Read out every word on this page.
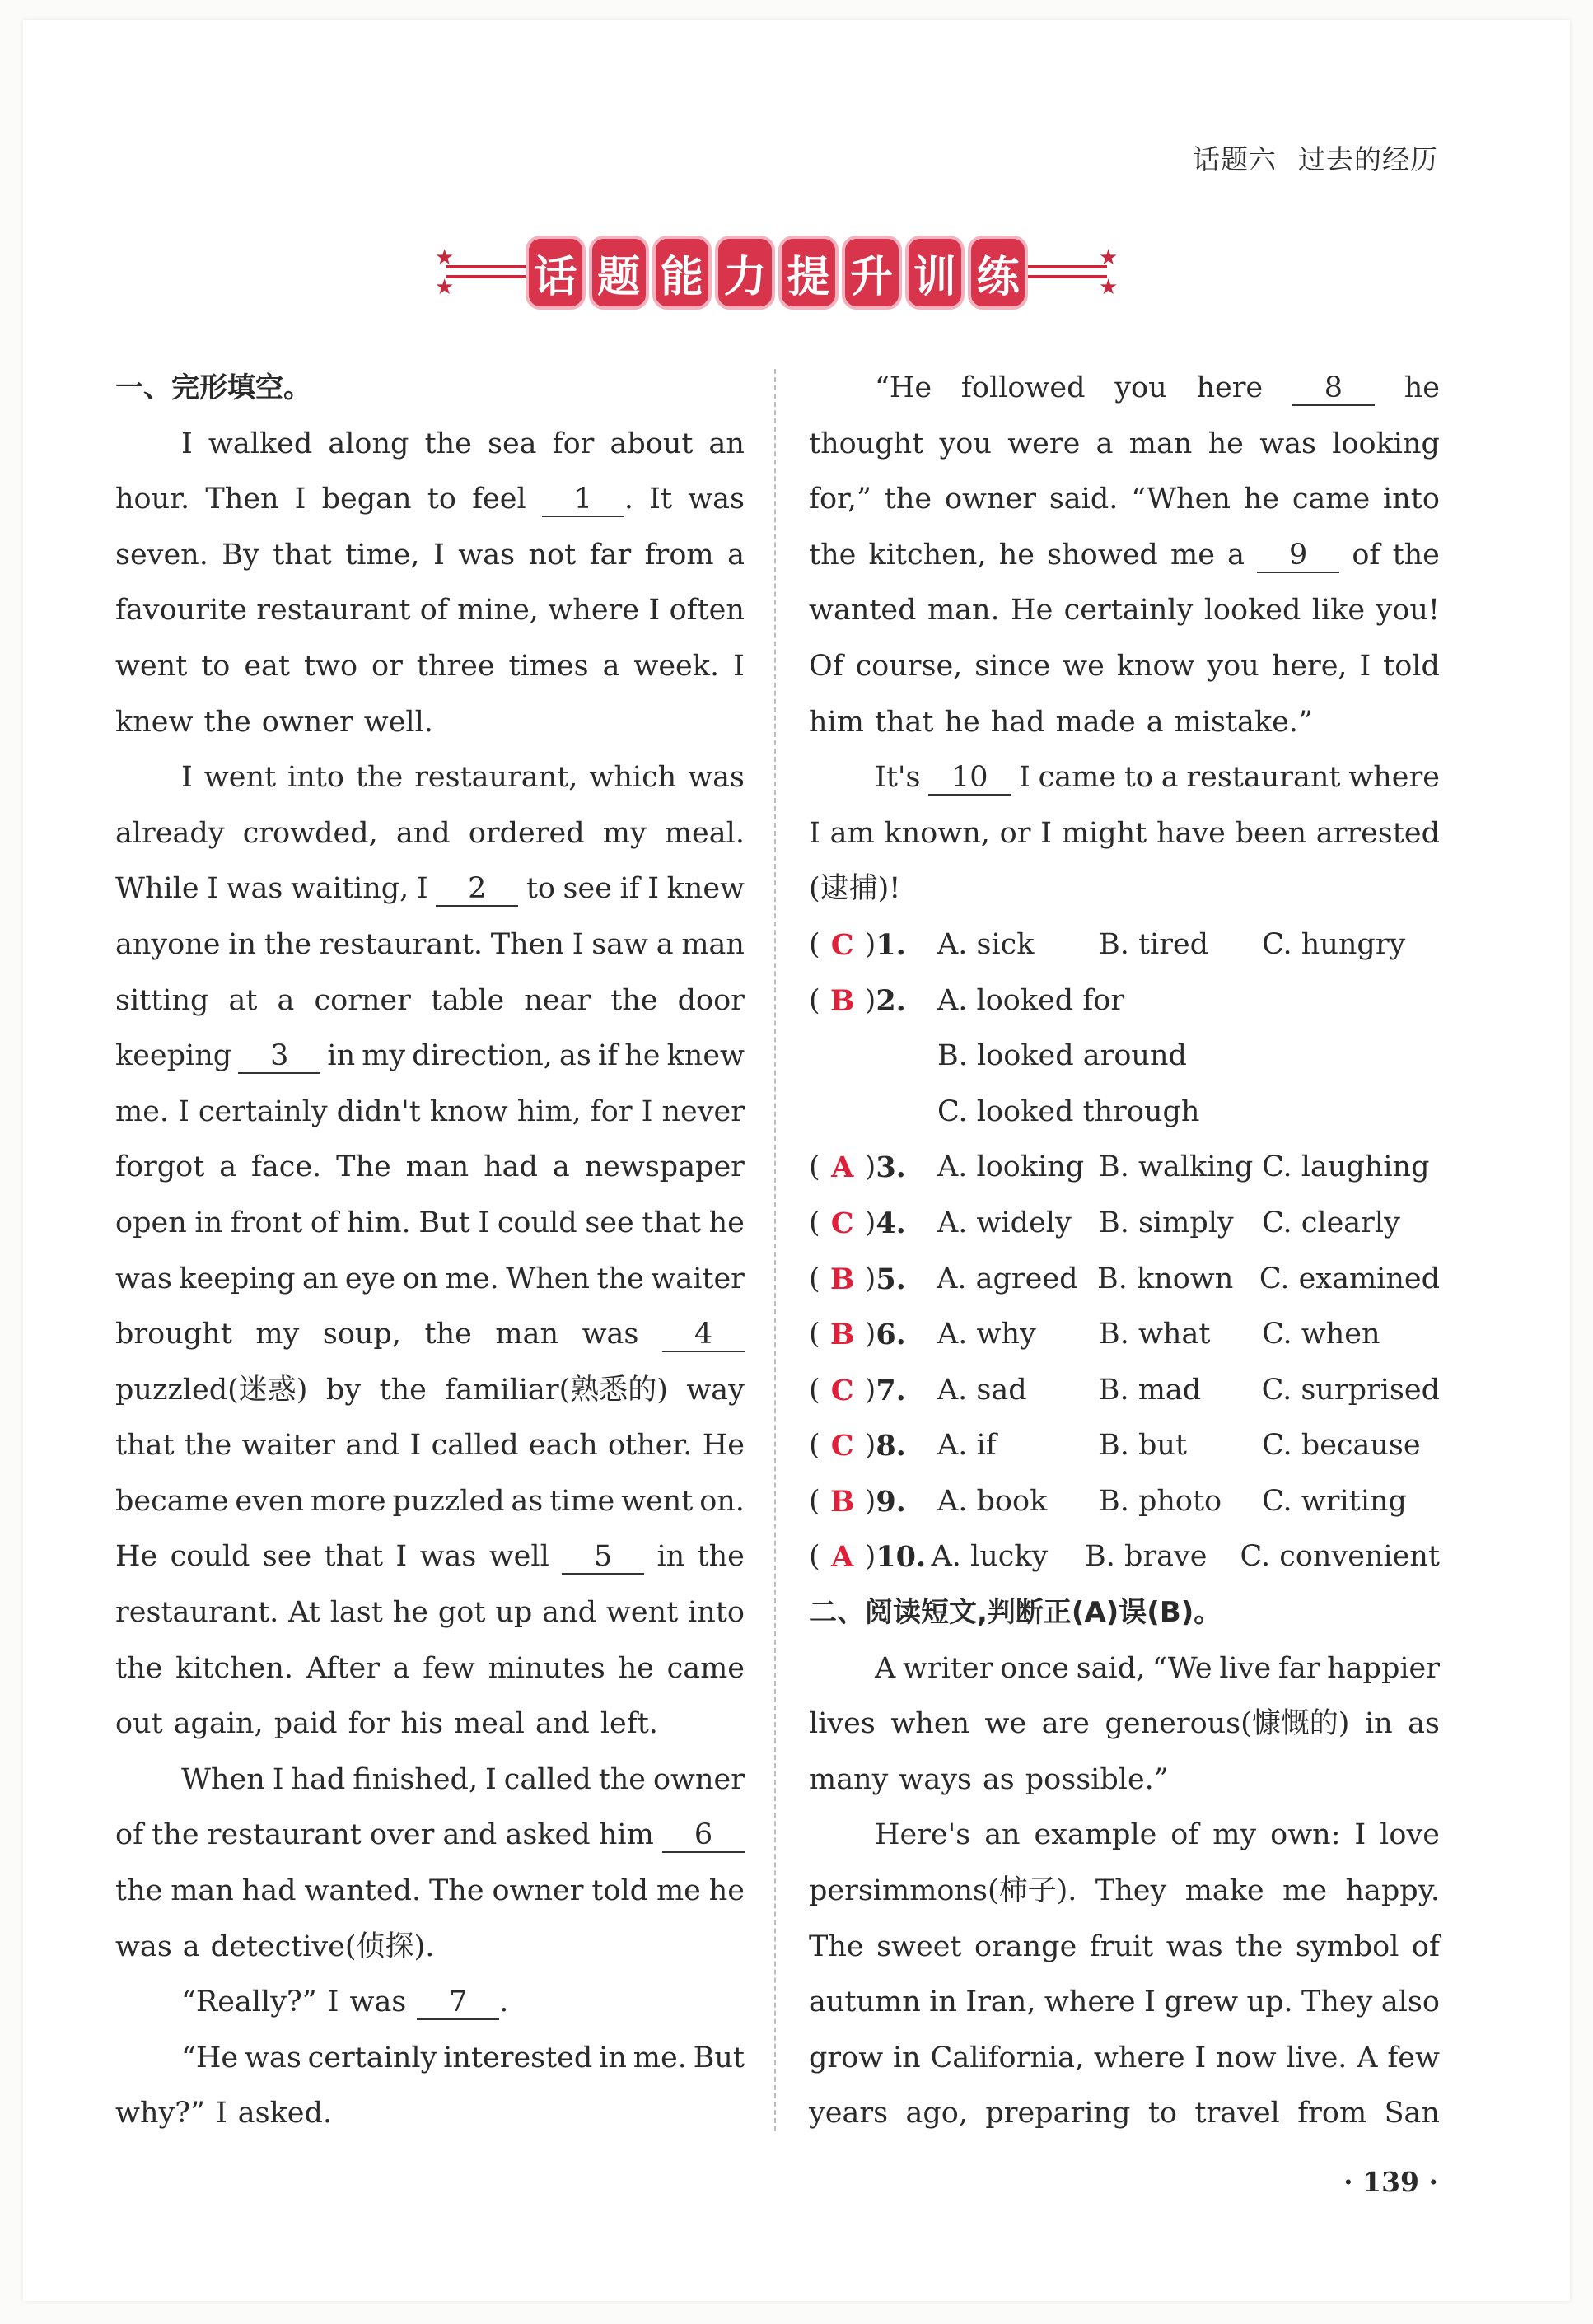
话题六 过去的经历
★
★
★
★
话 题 能 力 提 升 训 练
一、完形填空。
I walked along the sea for about an
hour. Then I began to feel	1 . It was
seven. By that time, I was not far from a
favourite restaurant of mine, where I often
went to eat two or three times a week. I
knew the owner well.
I went into the restaurant, which was
already crowded, and ordered my meal.
While I was waiting, I	2	to see if I knew
anyone in the restaurant. Then I saw a man
sitting at a corner table near the door
keeping	3	in my direction, as if he knew
me. I certainly didn't know him, for I never
forgot a face. The man had a newspaper
open in front of him. But I could see that he
was keeping an eye on me. When the waiter
brought my soup, the man was	4
puzzled(迷惑) by the familiar(熟悉的) way
that the waiter and I called each other. He
became even more puzzled as time went on.
He could see that I was well	5	in the
restaurant. At last he got up and went into
the kitchen. After a few minutes he came
out again, paid for his meal and left.
When I had finished, I called the owner
of the restaurant over and asked him	6
the man had wanted. The owner told me he
was a detective(侦探).
“Really?” I was	7 .
“He was certainly interested in me. But
why?” I asked.
“He followed you here	8	he
thought you were a man he was looking
for,” the owner said. “When he came into
the kitchen, he showed me a	9	of the
wanted man. He certainly looked like you!
Of course, since we know you here, I told
him that he had made a mistake.”
It's	10	I came to a restaurant where
I am known, or I might have been arrested
(逮捕)!
( C ) 1. A. sick	B. tired	C. hungry
( B ) 2. A. looked for
B. looked around
C. looked through
( A ) 3. A. looking B. walking C. laughing
( C ) 4. A. widely B. simply C. clearly
( B ) 5. A. agreed B. known C. examined
( B ) 6. A. why	B. what	C. when
( C ) 7. A. sad	B. mad	C. surprised
( C ) 8. A. if	B. but	C. because
( B ) 9. A. book	B. photo	C. writing
( A ) 10. A. lucky	B. brave	C. convenient
二、阅读短文,判断正(A)误(B)。
A writer once said, “We live far happier
lives when we are generous(慷慨的) in as
many ways as possible.”
Here's an example of my own: I love
persimmons(柿子). They make me happy.
The sweet orange fruit was the symbol of
autumn in Iran, where I grew up. They also
grow in California, where I now live. A few
years ago, preparing to travel from San
· 139 ·
